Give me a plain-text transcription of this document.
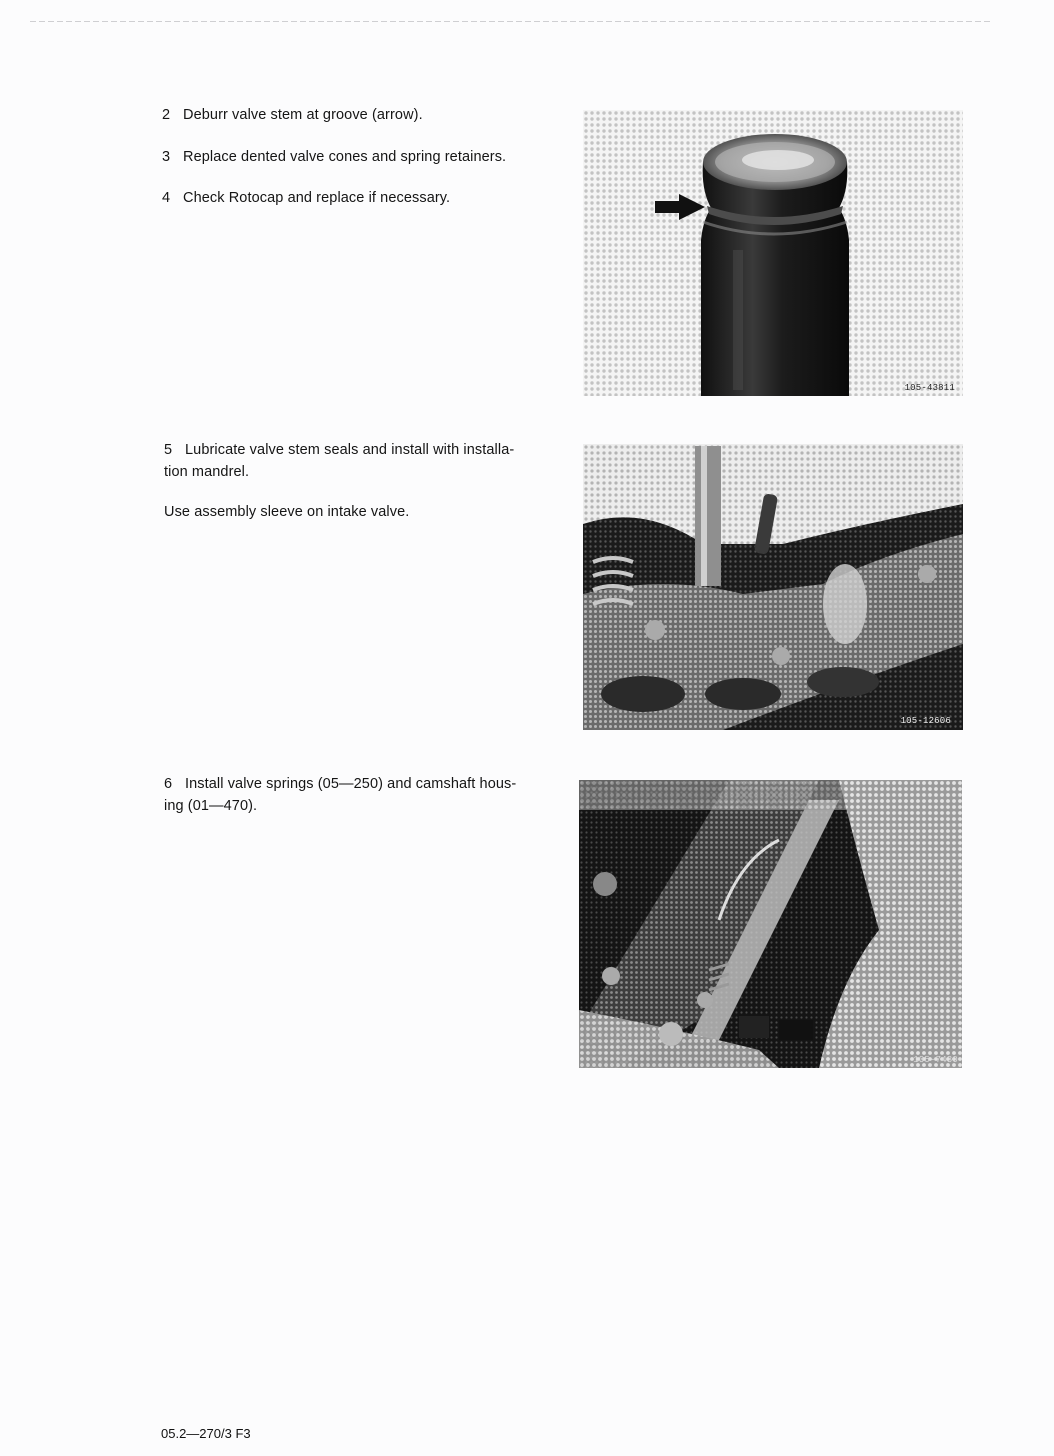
2 Deburr valve stem at groove (arrow).
3 Replace dented valve cones and spring retainers.
4 Check Rotocap and replace if necessary.
105-43811
5 Lubricate valve stem seals and install with installa-
tion mandrel.
Use assembly sleeve on intake valve.
105-12606
6 Install valve springs (05—250) and camshaft hous-
ing (01—470).
105-7430
05.2—270/3 F3
